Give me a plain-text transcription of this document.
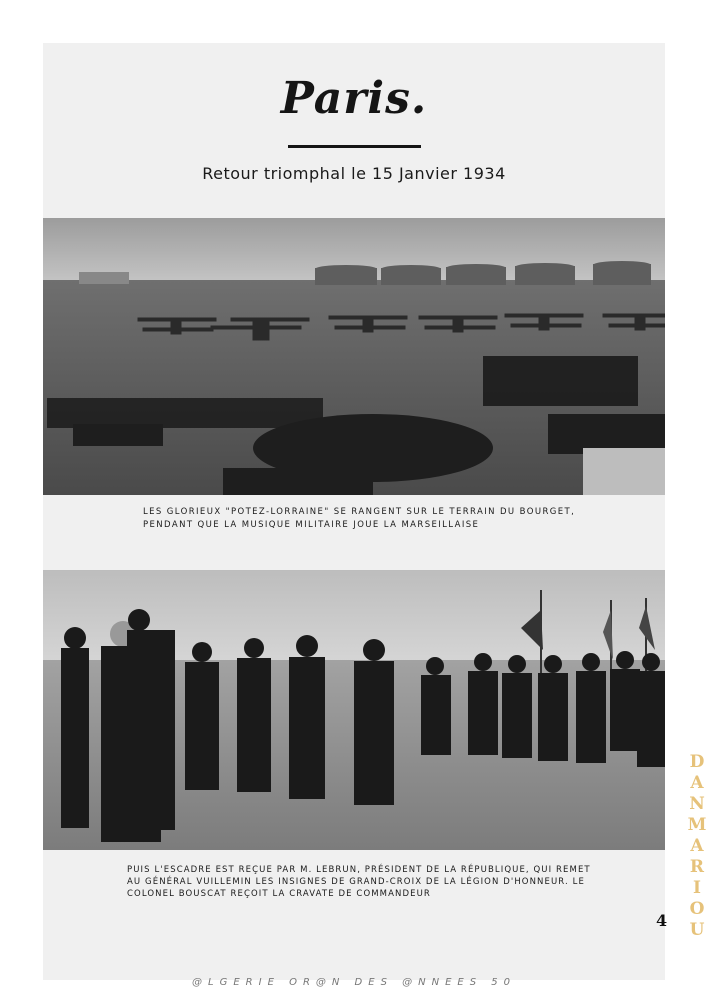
Paris.
Retour triomphal le 15 Janvier 1934
LES GLORIEUX "POTEZ-LORRAINE" SE RANGENT SUR LE TERRAIN DU BOURGET, PENDANT QUE LA MUSIQUE MILITAIRE JOUE LA MARSEILLAISE
PUIS L'ESCADRE EST REÇUE PAR M. LEBRUN, PRÉSIDENT DE LA RÉPUBLIQUE, QUI REMET AU GÉNÉRAL VUILLEMIN LES INSIGNES DE GRAND-CROIX DE LA LÉGION D'HONNEUR. LE COLONEL BOUSCAT REÇOIT LA CRAVATE DE COMMANDEUR
4
@LGERIE OR@N DES @NNEES 50
DANMARIOU
